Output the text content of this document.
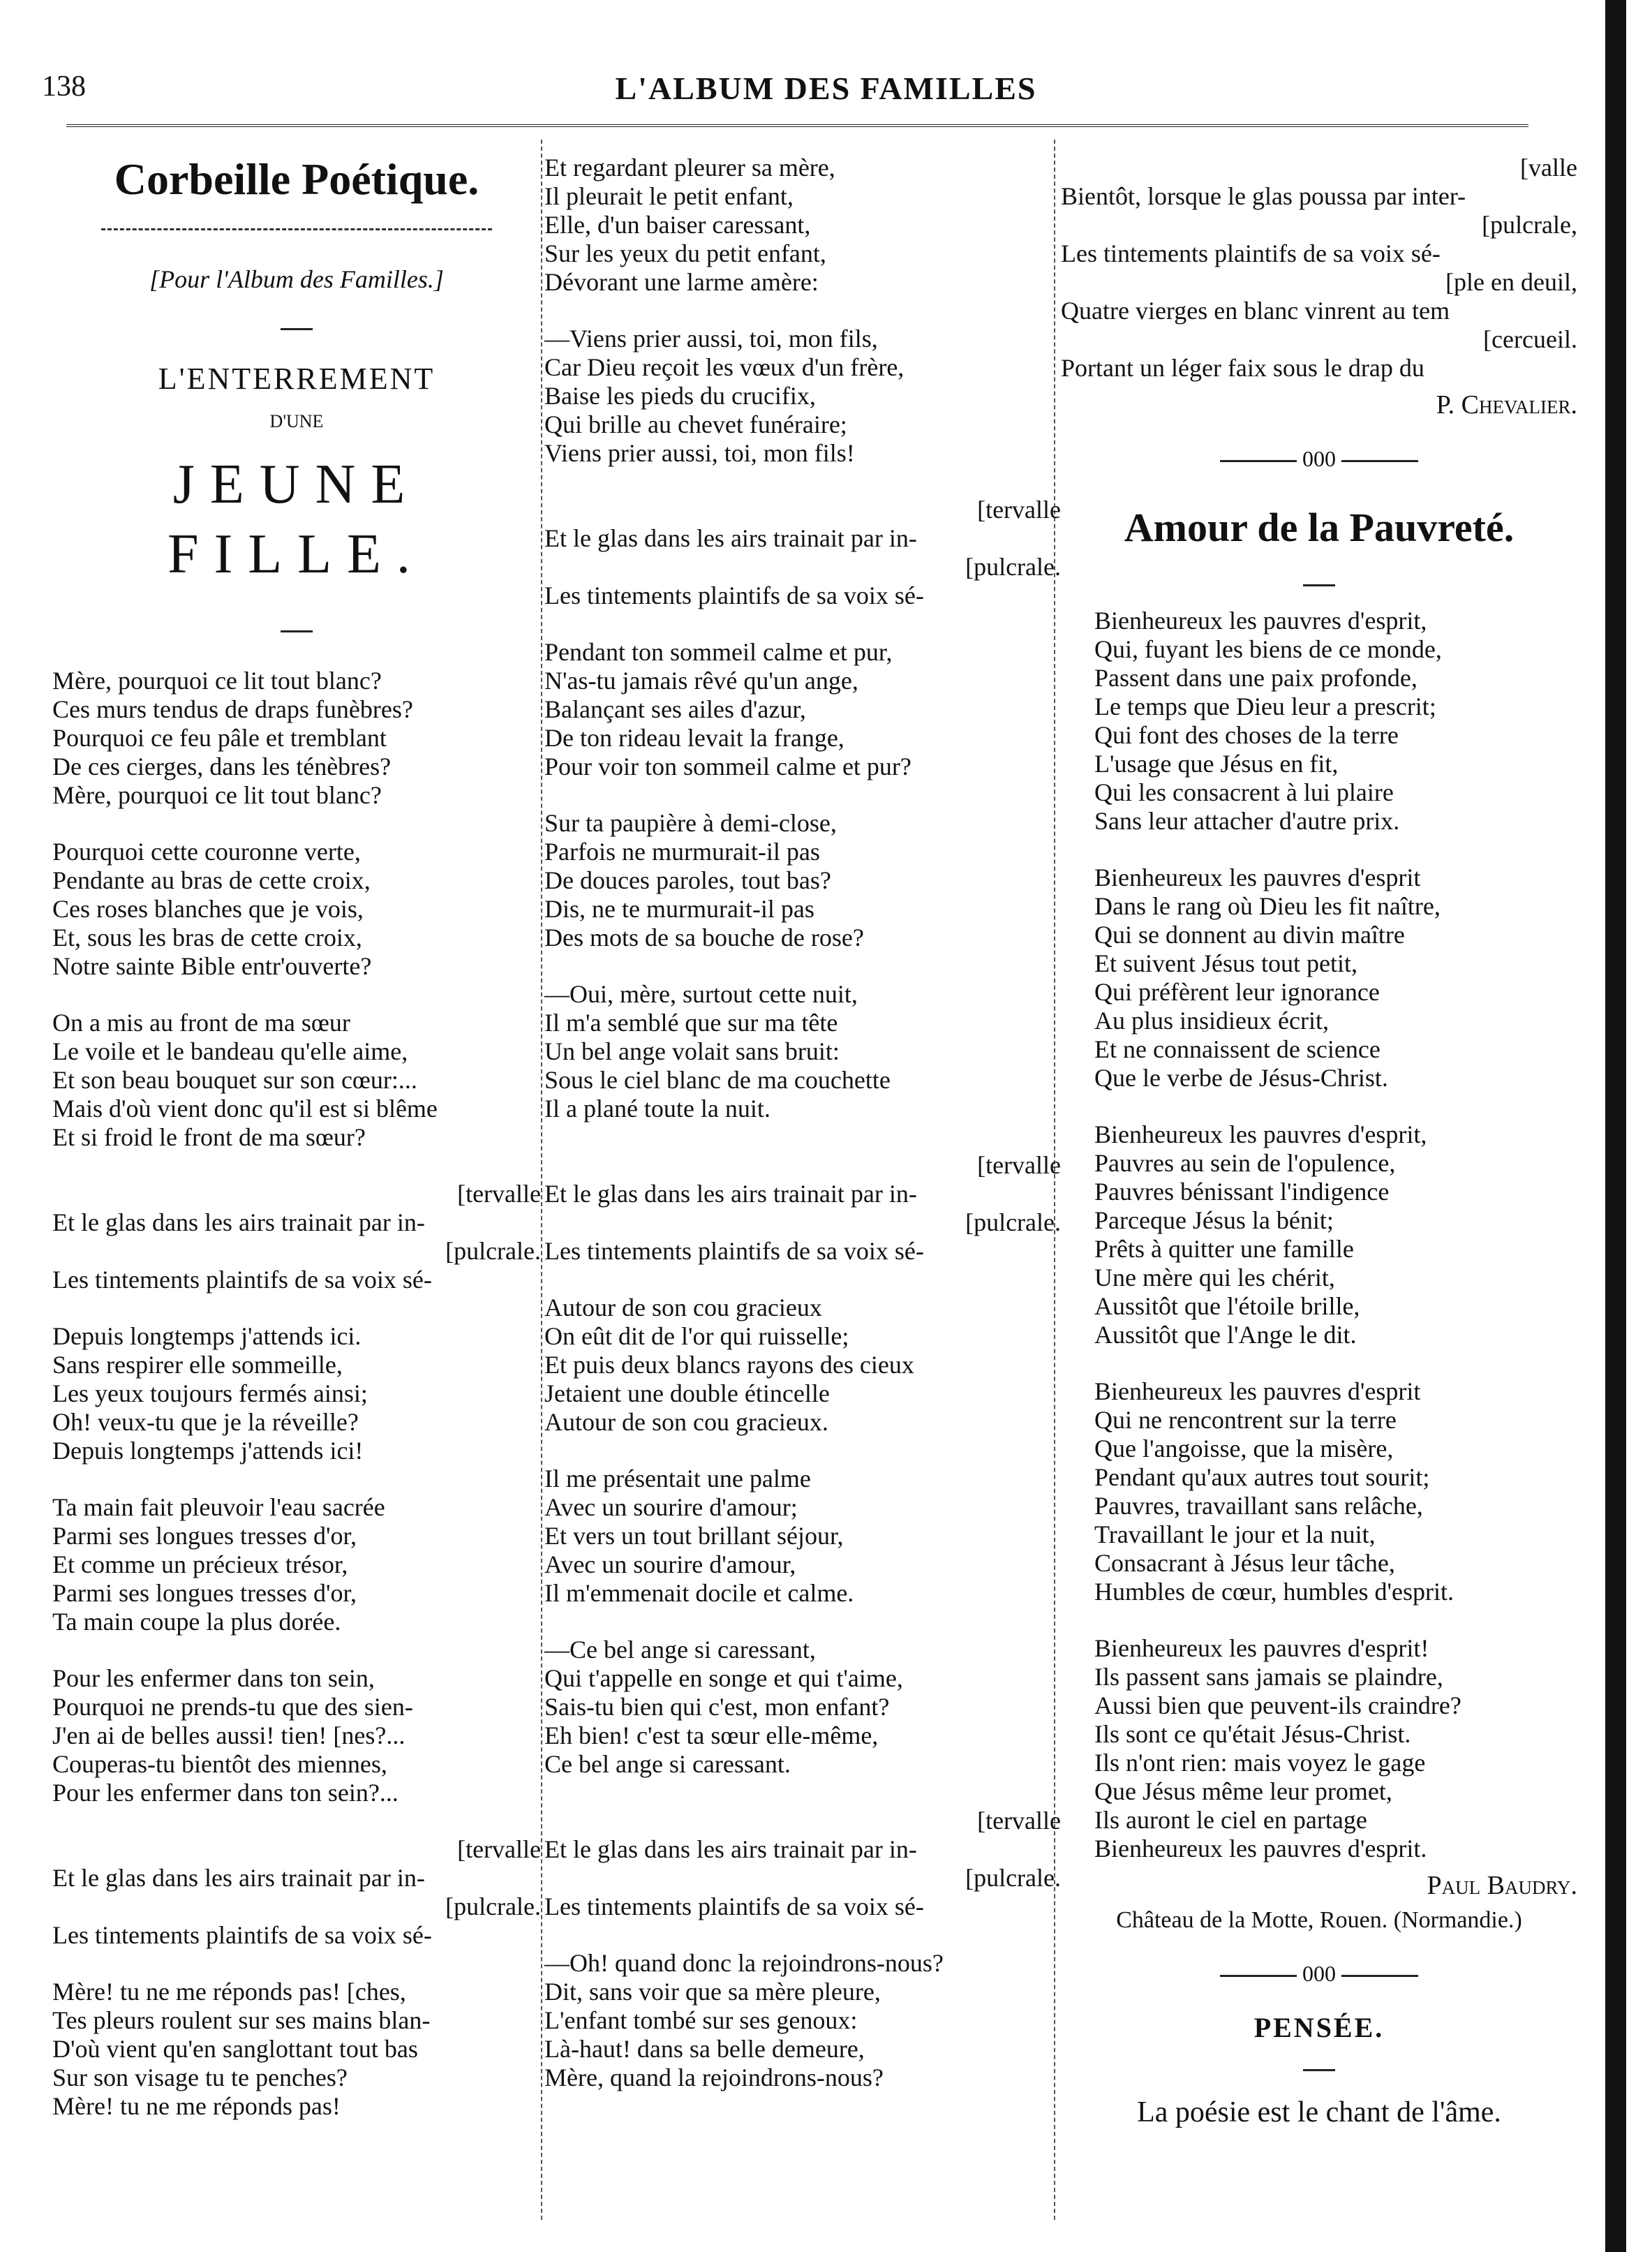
138	L'ALBUM DES FAMILLES
Corbeille Poétique.
[Pour l'Album des Familles.]
L'ENTERREMENT
D'UNE
JEUNE FILLE.

Mère, pourquoi ce lit tout blanc?

Ces murs tendus de draps funèbres?

Pourquoi ce feu pâle et tremblant

De ces cierges, dans les ténèbres?

Mère, pourquoi ce lit tout blanc?

Pourquoi cette couronne verte,

Pendante au bras de cette croix,

Ces roses blanches que je vois,

Et, sous les bras de cette croix,

Notre sainte Bible entr'ouverte?

On a mis au front de ma sœur

Le voile et le bandeau qu'elle aime,

Et son beau bouquet sur son cœur:...

Mais d'où vient donc qu'il est si blême

Et si froid le front de ma sœur?

[tervalle

Et le glas dans les airs trainait par in-

[pulcrale.

Les tintements plaintifs de sa voix sé-

Depuis longtemps j'attends ici.

Sans respirer elle sommeille,

Les yeux toujours fermés ainsi;

Oh! veux-tu que je la réveille?

Depuis longtemps j'attends ici!

Ta main fait pleuvoir l'eau sacrée

Parmi ses longues tresses d'or,

Et comme un précieux trésor,

Parmi ses longues tresses d'or,

Ta main coupe la plus dorée.

Pour les enfermer dans ton sein,

Pourquoi ne prends-tu que des sien-

J'en ai de belles aussi! tien! [nes?...

Couperas-tu bientôt des miennes,

Pour les enfermer dans ton sein?...

[tervalle

Et le glas dans les airs trainait par in-

[pulcrale.

Les tintements plaintifs de sa voix sé-

Mère! tu ne me réponds pas! [ches,

Tes pleurs roulent sur ses mains blan-

D'où vient qu'en sanglottant tout bas

Sur son visage tu te penches?

Mère! tu ne me réponds pas!

Et regardant pleurer sa mère,

Il pleurait le petit enfant,

Elle, d'un baiser caressant,

Sur les yeux du petit enfant,

Dévorant une larme amère:

—Viens prier aussi, toi, mon fils,

Car Dieu reçoit les vœux d'un frère,

Baise les pieds du crucifix,

Qui brille au chevet funéraire;

Viens prier aussi, toi, mon fils!

[tervalle

Et le glas dans les airs trainait par in-

[pulcrale.

Les tintements plaintifs de sa voix sé-

Pendant ton sommeil calme et pur,

N'as-tu jamais rêvé qu'un ange,

Balançant ses ailes d'azur,

De ton rideau levait la frange,

Pour voir ton sommeil calme et pur?

Sur ta paupière à demi-close,

Parfois ne murmurait-il pas

De douces paroles, tout bas?

Dis, ne te murmurait-il pas

Des mots de sa bouche de rose?

—Oui, mère, surtout cette nuit,

Il m'a semblé que sur ma tête

Un bel ange volait sans bruit:

Sous le ciel blanc de ma couchette

Il a plané toute la nuit.

[tervalle

Et le glas dans les airs trainait par in-

[pulcrale.

Les tintements plaintifs de sa voix sé-

Autour de son cou gracieux

On eût dit de l'or qui ruisselle;

Et puis deux blancs rayons des cieux

Jetaient une double étincelle

Autour de son cou gracieux.

Il me présentait une palme

Avec un sourire d'amour;

Et vers un tout brillant séjour,

Avec un sourire d'amour,

Il m'emmenait docile et calme.

—Ce bel ange si caressant,

Qui t'appelle en songe et qui t'aime,

Sais-tu bien qui c'est, mon enfant?

Eh bien! c'est ta sœur elle-même,

Ce bel ange si caressant.

[tervalle

Et le glas dans les airs trainait par in-

[pulcrale.

Les tintements plaintifs de sa voix sé-

—Oh! quand donc la rejoindrons-nous?

Dit, sans voir que sa mère pleure,

L'enfant tombé sur ses genoux:

Là-haut! dans sa belle demeure,

Mère, quand la rejoindrons-nous?

[valle

Bientôt, lorsque le glas poussa par inter-

[pulcrale,

Les tintements plaintifs de sa voix sé-

[ple en deuil,

Quatre vierges en blanc vinrent au tem

[cercueil.

Portant un léger faix sous le drap du

P. Chevalier.
000
Amour de la Pauvreté.

Bienheureux les pauvres d'esprit,

Qui, fuyant les biens de ce monde,

Passent dans une paix profonde,

Le temps que Dieu leur a prescrit;

Qui font des choses de la terre

L'usage que Jésus en fit,

Qui les consacrent à lui plaire

Sans leur attacher d'autre prix.

Bienheureux les pauvres d'esprit

Dans le rang où Dieu les fit naître,

Qui se donnent au divin maître

Et suivent Jésus tout petit,

Qui préfèrent leur ignorance

Au plus insidieux écrit,

Et ne connaissent de science

Que le verbe de Jésus-Christ.

Bienheureux les pauvres d'esprit,

Pauvres au sein de l'opulence,

Pauvres bénissant l'indigence

Parceque Jésus la bénit;

Prêts à quitter une famille

Une mère qui les chérit,

Aussitôt que l'étoile brille,

Aussitôt que l'Ange le dit.

Bienheureux les pauvres d'esprit

Qui ne rencontrent sur la terre

Que l'angoisse, que la misère,

Pendant qu'aux autres tout sourit;

Pauvres, travaillant sans relâche,

Travaillant le jour et la nuit,

Consacrant à Jésus leur tâche,

Humbles de cœur, humbles d'esprit.

Bienheureux les pauvres d'esprit!

Ils passent sans jamais se plaindre,

Aussi bien que peuvent-ils craindre?

Ils sont ce qu'était Jésus-Christ.

Ils n'ont rien: mais voyez le gage

Que Jésus même leur promet,

Ils auront le ciel en partage

Bienheureux les pauvres d'esprit.

Paul Baudry.
Château de la Motte, Rouen. (Normandie.)
000
PENSÉE.
La poésie est le chant de l'âme.
